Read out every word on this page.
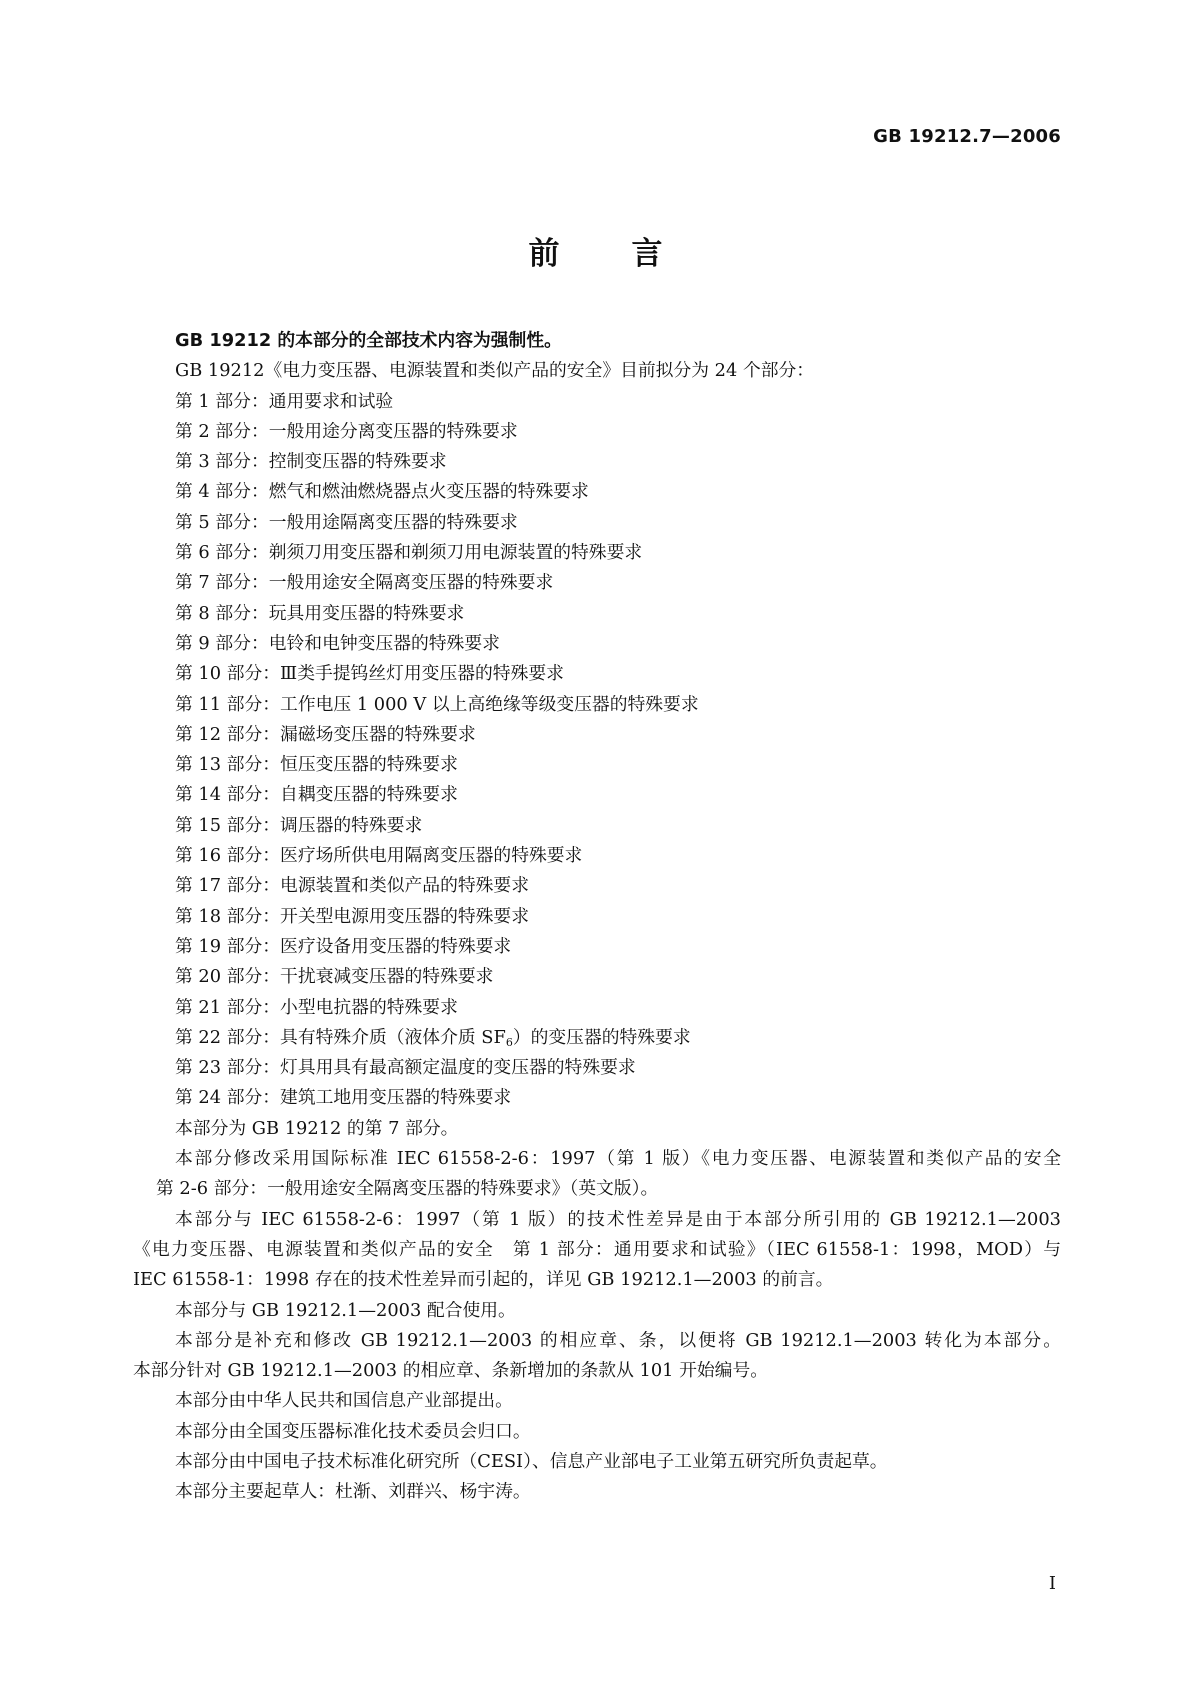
GB 19212.7—2006
前 言
GB 19212 的本部分的全部技术内容为强制性。
GB 19212《电力变压器、电源装置和类似产品的安全》目前拟分为 24 个部分：
第 1 部分：通用要求和试验
第 2 部分：一般用途分离变压器的特殊要求
第 3 部分：控制变压器的特殊要求
第 4 部分：燃气和燃油燃烧器点火变压器的特殊要求
第 5 部分：一般用途隔离变压器的特殊要求
第 6 部分：剃须刀用变压器和剃须刀用电源装置的特殊要求
第 7 部分：一般用途安全隔离变压器的特殊要求
第 8 部分：玩具用变压器的特殊要求
第 9 部分：电铃和电钟变压器的特殊要求
第 10 部分：Ⅲ类手提钨丝灯用变压器的特殊要求
第 11 部分：工作电压 1 000 V 以上高绝缘等级变压器的特殊要求
第 12 部分：漏磁场变压器的特殊要求
第 13 部分：恒压变压器的特殊要求
第 14 部分：自耦变压器的特殊要求
第 15 部分：调压器的特殊要求
第 16 部分：医疗场所供电用隔离变压器的特殊要求
第 17 部分：电源装置和类似产品的特殊要求
第 18 部分：开关型电源用变压器的特殊要求
第 19 部分：医疗设备用变压器的特殊要求
第 20 部分：干扰衰减变压器的特殊要求
第 21 部分：小型电抗器的特殊要求
第 22 部分：具有特殊介质（液体介质 $SF_6$）的变压器的特殊要求
第 23 部分：灯具用具有最高额定温度的变压器的特殊要求
第 24 部分：建筑工地用变压器的特殊要求
本部分为 GB 19212 的第 7 部分。
本部分修改采用国际标准 IEC 61558-2-6：1997（第 1 版）《电力变压器、电源装置和类似产品的安全
第 2-6 部分：一般用途安全隔离变压器的特殊要求》（英文版）。
本部分与 IEC 61558-2-6：1997（第 1 版）的技术性差异是由于本部分所引用的 GB 19212.1—2003
《电力变压器、电源装置和类似产品的安全　第 1 部分：通用要求和试验》（IEC 61558-1：1998，MOD）与
IEC 61558-1：1998 存在的技术性差异而引起的，详见 GB 19212.1—2003 的前言。
本部分与 GB 19212.1—2003 配合使用。
本部分是补充和修改 GB 19212.1—2003 的相应章、条，以便将 GB 19212.1—2003 转化为本部分。
本部分针对 GB 19212.1—2003 的相应章、条新增加的条款从 101 开始编号。
本部分由中华人民共和国信息产业部提出。
本部分由全国变压器标准化技术委员会归口。
本部分由中国电子技术标准化研究所（CESI）、信息产业部电子工业第五研究所负责起草。
本部分主要起草人：杜渐、刘群兴、杨宇涛。
I
